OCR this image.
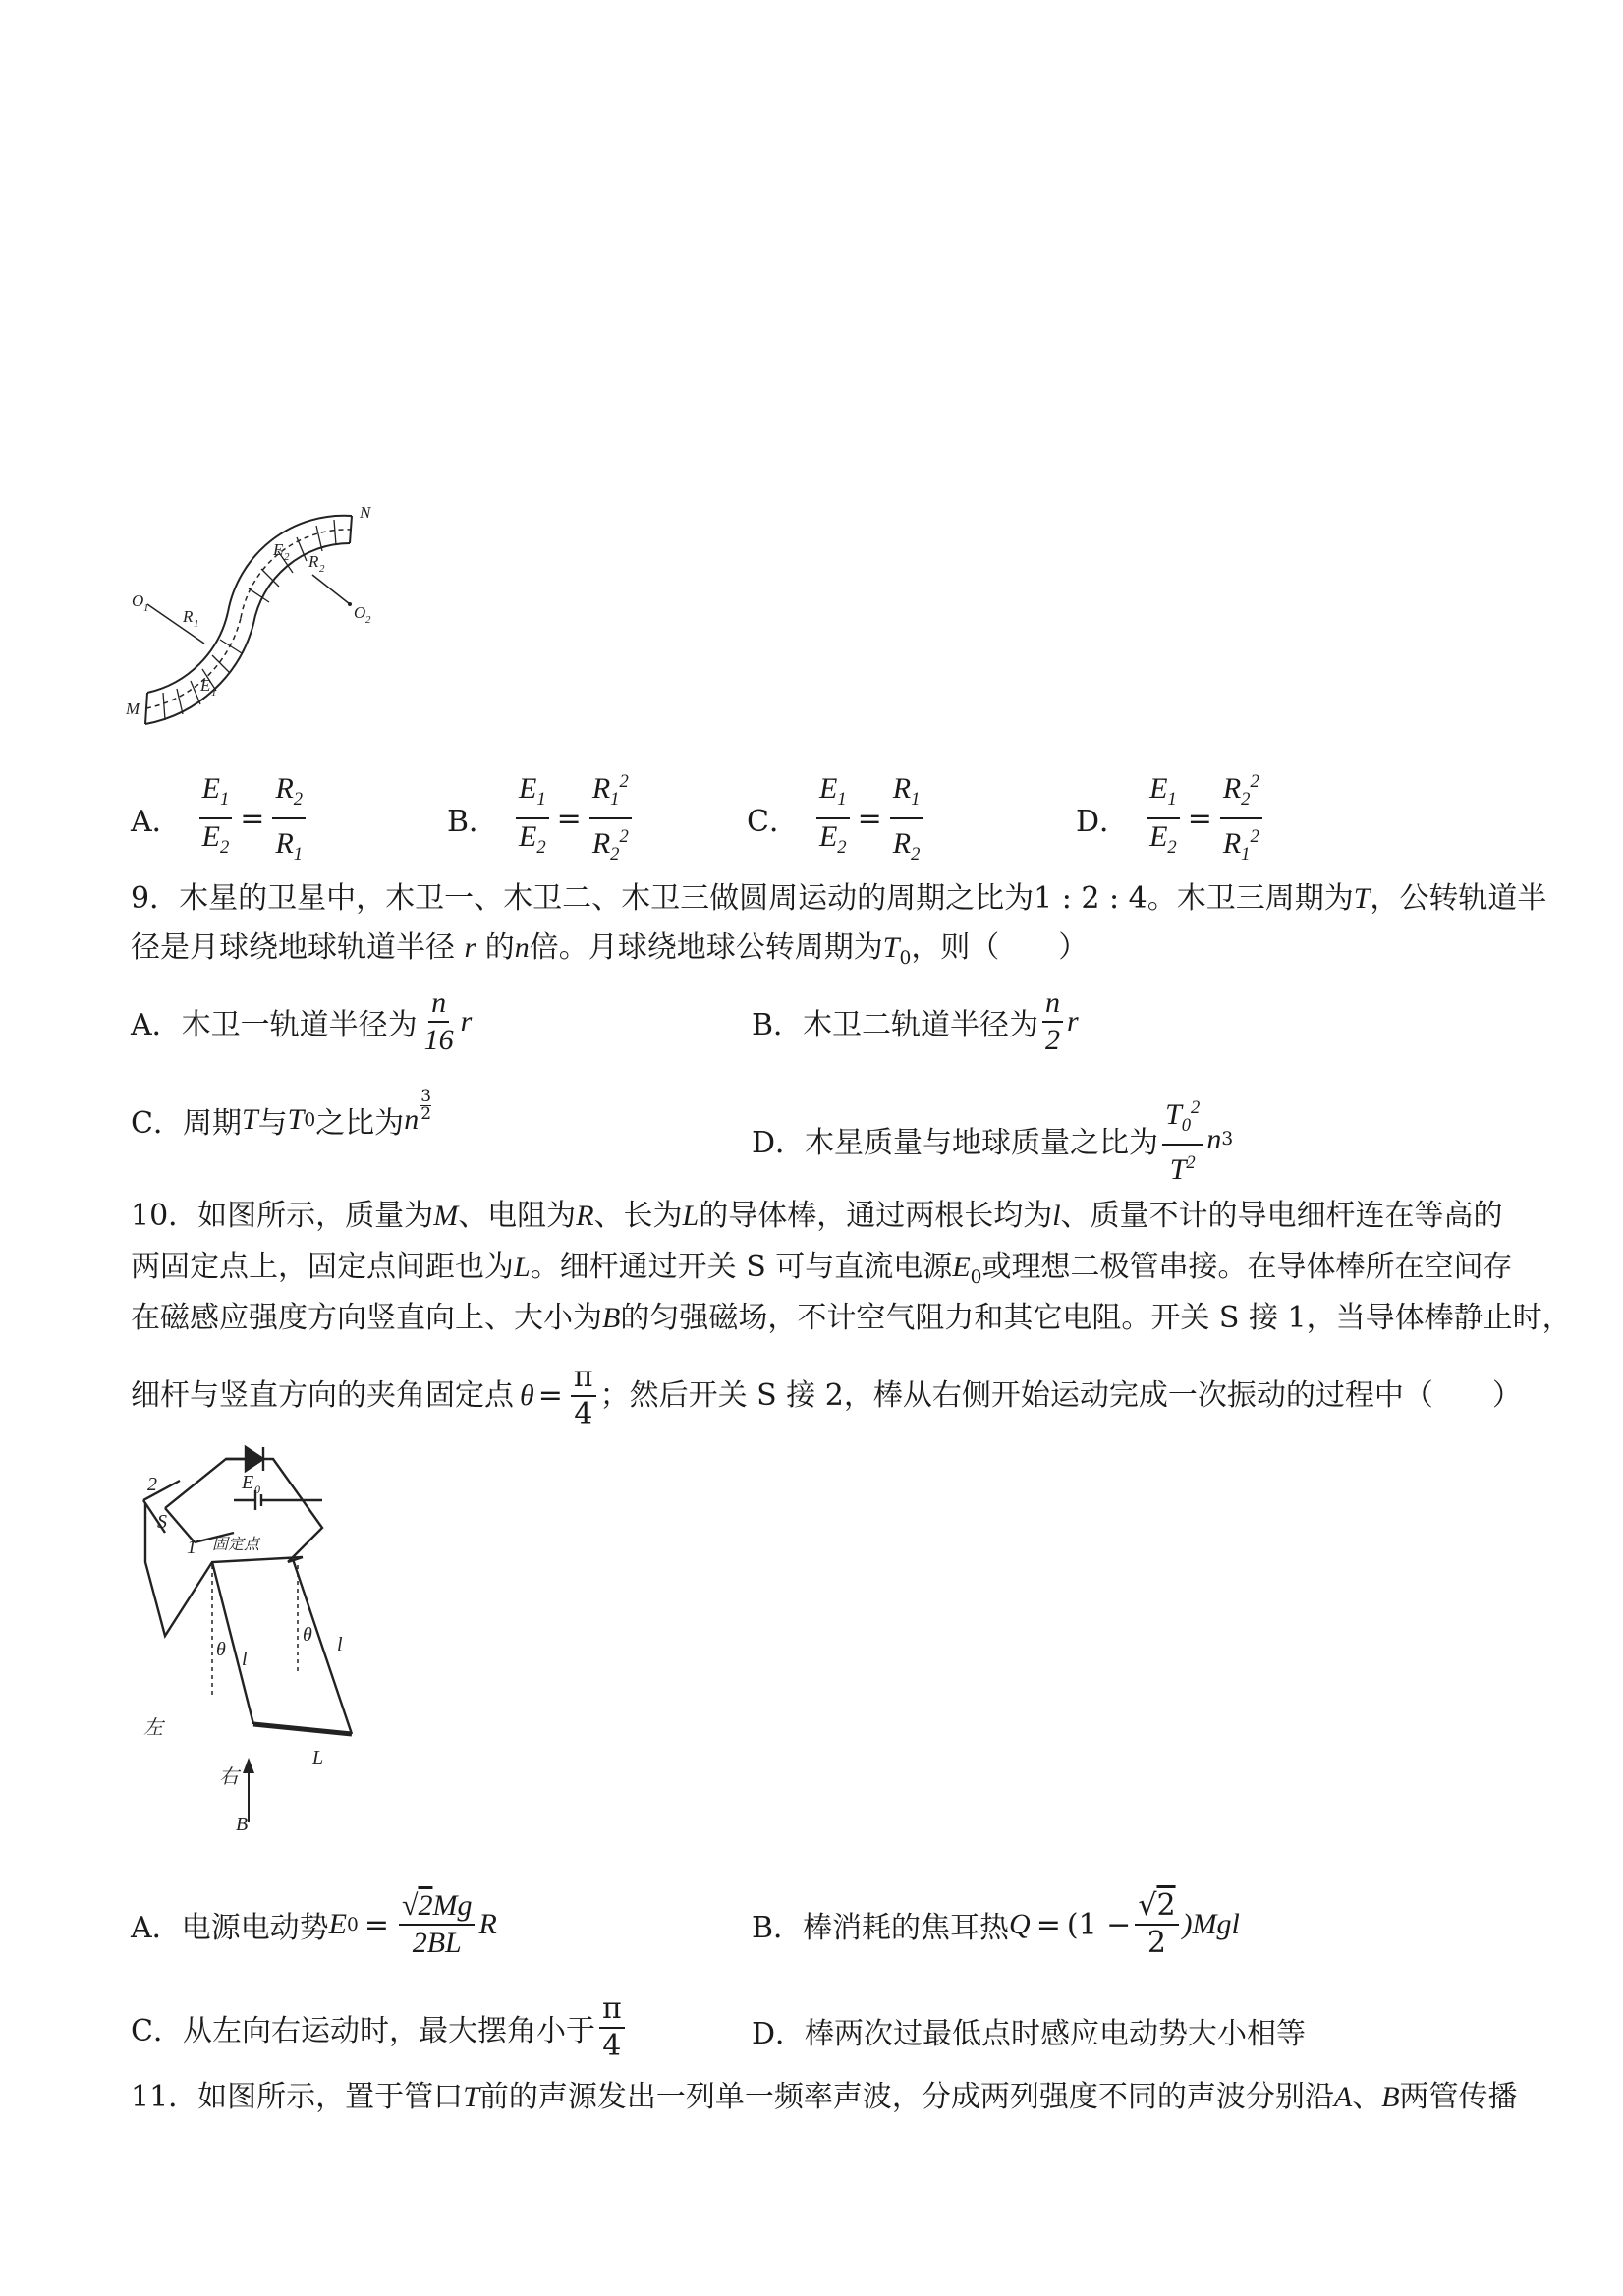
M
N
O 1	O 2
R 1
R 2
E 1
E 2
A． $\frac{E_1}{E_2} = \frac{R_2}{R_1}$	B． $\frac{E_1}{E_2} = \frac{R_1^2}{R_2^2}$	C． $\frac{E_1}{E_2} = \frac{R_1}{R_2}$	D． $\frac{E_1}{E_2} = \frac{R_2^2}{R_1^2}$
9．木星的卫星中，木卫一、木卫二、木卫三做圆周运动的周期之比为1 : 2 : 4。木卫三周期为T，公转轨道半
径是月球绕地球轨道半径 r 的n倍。月球绕地球公转周期为$T_0$，则（　　）
A．木卫一轨道半径为 $\frac{n}{16}$ r	B．木卫二轨道半径为 $\frac{n}{2}$ r
C．周期 T 与 T 0 之比为 n $\frac{3}{2}$
D．木星质量与地球质量之比为 $\frac{T_0^2}{T^2}$ n 3
10．如图所示，质量为M、电阻为R、长为L的导体棒，通过两根长均为l、质量不计的导电细杆连在等高的
两固定点上，固定点间距也为L。细杆通过开关 S 可与直流电源$E_0$或理想二极管串接。在导体棒所在空间存
在磁感应强度方向竖直向上、大小为B的匀强磁场，不计空气阻力和其它电阻。开关 S 接 1，当导体棒静止时，
细杆与竖直方向的夹角固定点 $\theta = \frac{\pi}{4}$ ；然后开关 S 接 2，棒从右侧开始运动完成一次振动的过程中（　　）
2
S
1
E 0
固定点
θ
θ
l
l
左
右
L
B
A．电源电动势 E $0 = \frac{√2Mg}{2BL}$ R	B．棒消耗的焦耳热 $Q = (1 - \frac{√2}{2} )Mgl$
C．从左向右运动时，最大摆角小于 $\frac{\pi}{4}$	D．棒两次过最低点时感应电动势大小相等
11．如图所示，置于管口T前的声源发出一列单一频率声波，分成两列强度不同的声波分别沿A、B两管传播
